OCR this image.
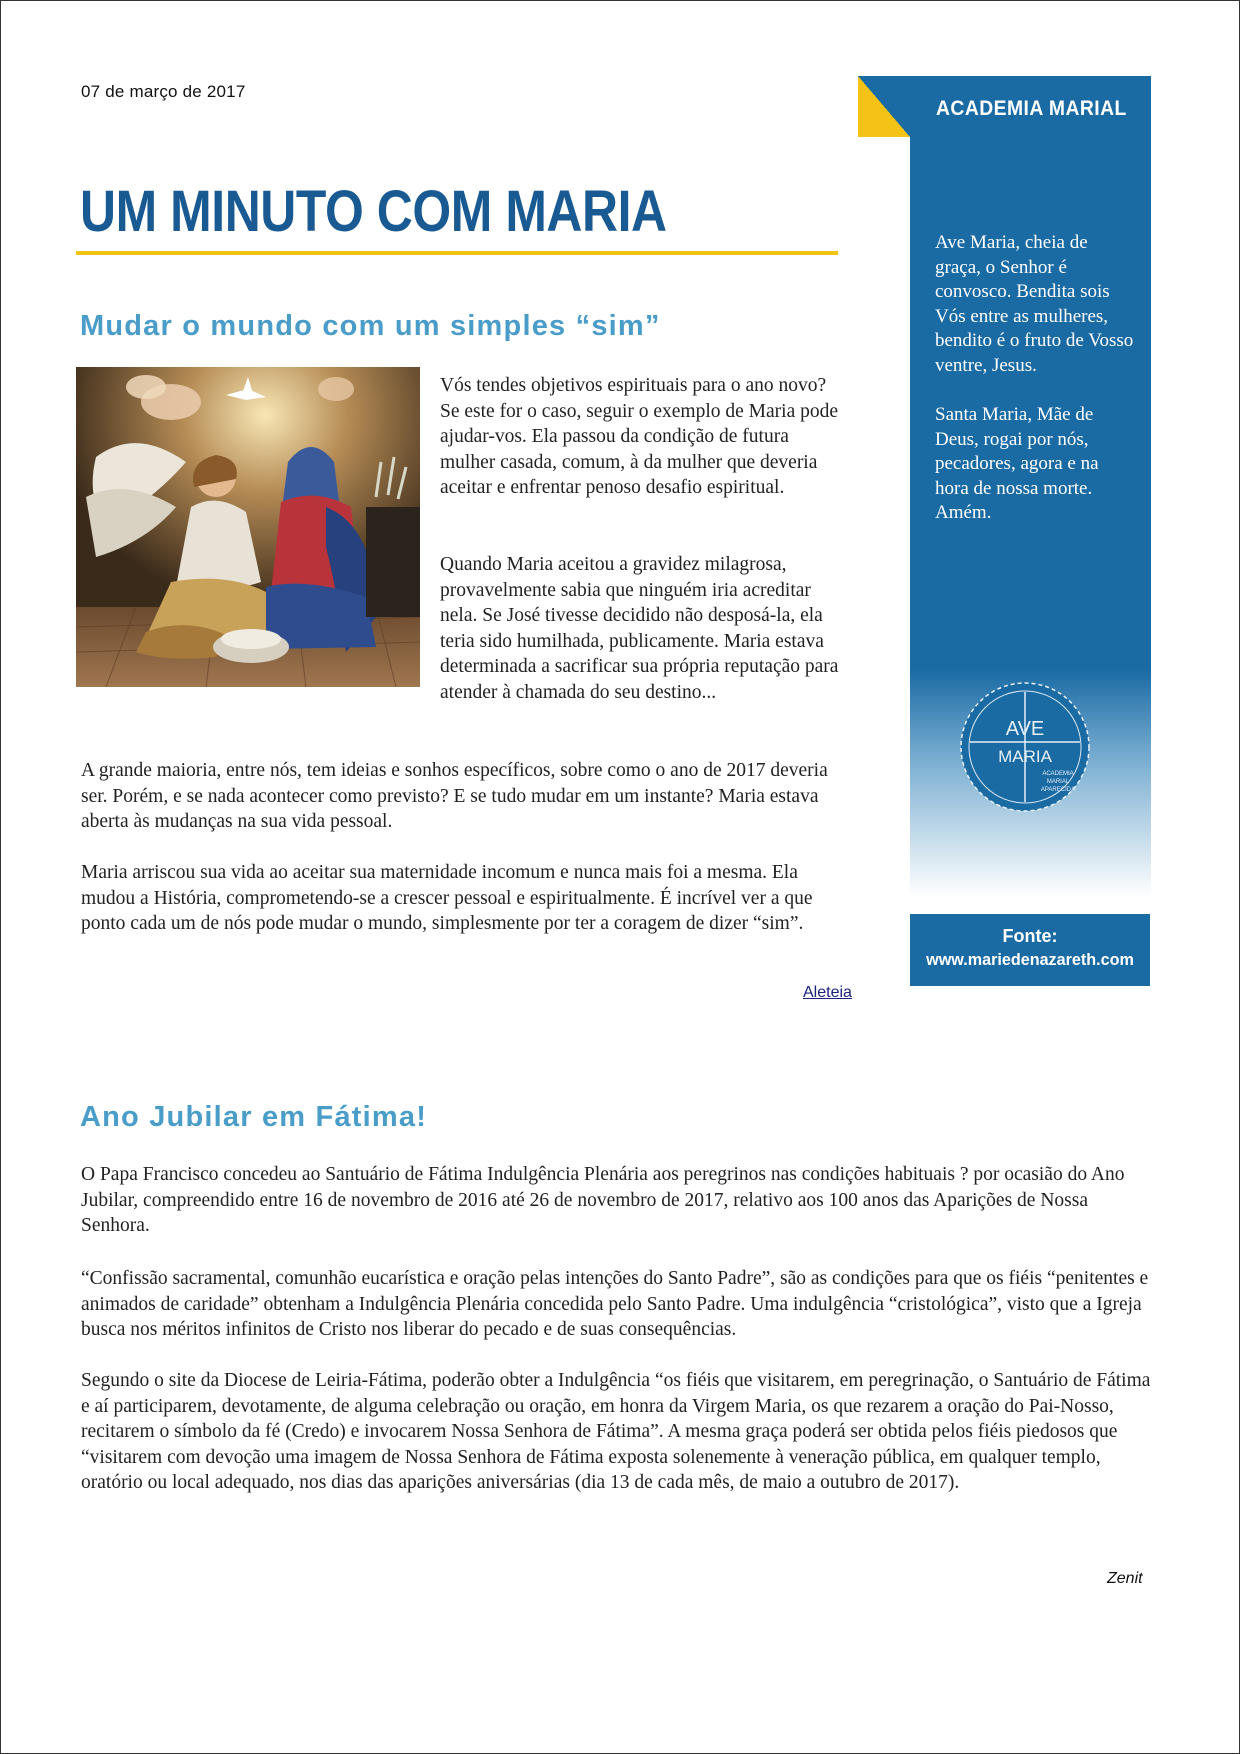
07 de março de 2017
UM MINUTO COM MARIA
Mudar o mundo com um simples “sim”

Vós tendes objetivos espirituais para o ano novo? Se este for o caso, seguir o exemplo de Maria pode ajudar-vos. Ela passou da condição de futura mulher casada, comum, à da mulher que deveria aceitar e enfrentar penoso desafio espiritual.

Quando Maria aceitou a gravidez milagrosa, provavelmente sabia que ninguém iria acreditar nela. Se José tivesse decidido não desposá-la, ela teria sido humilhada, publicamente. Maria estava determinada a sacrificar sua própria reputação para atender à chamada do seu destino...

A grande maioria, entre nós, tem ideias e sonhos específicos, sobre como o ano de 2017 deveria ser. Porém, e se nada acontecer como previsto? E se tudo mudar em um instante? Maria estava aberta às mudanças na sua vida pessoal.

Maria arriscou sua vida ao aceitar sua maternidade incomum e nunca mais foi a mesma. Ela mudou a História, comprometendo-se a crescer pessoal e espiritualmente. É incrível ver a que ponto cada um de nós pode mudar o mundo, simplesmente por ter a coragem de dizer “sim”.

Aleteia
Ano Jubilar em Fátima!

O Papa Francisco concedeu ao Santuário de Fátima Indulgência Plenária aos peregrinos nas condições habituais ? por ocasião do Ano Jubilar, compreendido entre 16 de novembro de 2016 até 26 de novembro de 2017, relativo aos 100 anos das Aparições de Nossa Senhora.

“Confissão sacramental, comunhão eucarística e oração pelas intenções do Santo Padre”, são as condições para que os fiéis “penitentes e animados de caridade” obtenham a Indulgência Plenária concedida pelo Santo Padre. Uma indulgência “cristológica”, visto que a Igreja busca nos méritos infinitos de Cristo nos liberar do pecado e de suas consequências.

Segundo o site da Diocese de Leiria-Fátima, poderão obter a Indulgência “os fiéis que visitarem, em peregrinação, o Santuário de Fátima e aí participarem, devotamente, de alguma celebração ou oração, em honra da Virgem Maria, os que rezarem a oração do Pai-Nosso, recitarem o símbolo da fé (Credo) e invocarem Nossa Senhora de Fátima”. A mesma graça poderá ser obtida pelos fiéis piedosos que “visitarem com devoção uma imagem de Nossa Senhora de Fátima exposta solenemente à veneração pública, em qualquer templo, oratório ou local adequado, nos dias das aparições aniversárias (dia 13 de cada mês, de maio a outubro de 2017).

Zenit
ACADEMIA MARIAL

Ave Maria, cheia de graça, o Senhor é convosco. Bendita sois Vós entre as mulheres, bendito é o fruto de Vosso ventre, Jesus.

Santa Maria, Mãe de Deus, rogai por nós, pecadores, agora e na hora de nossa morte. Amém.

AVE
MARIA
ACADEMIA
MARIAL
APARECIDA
Fonte:
www.mariedenazareth.com
